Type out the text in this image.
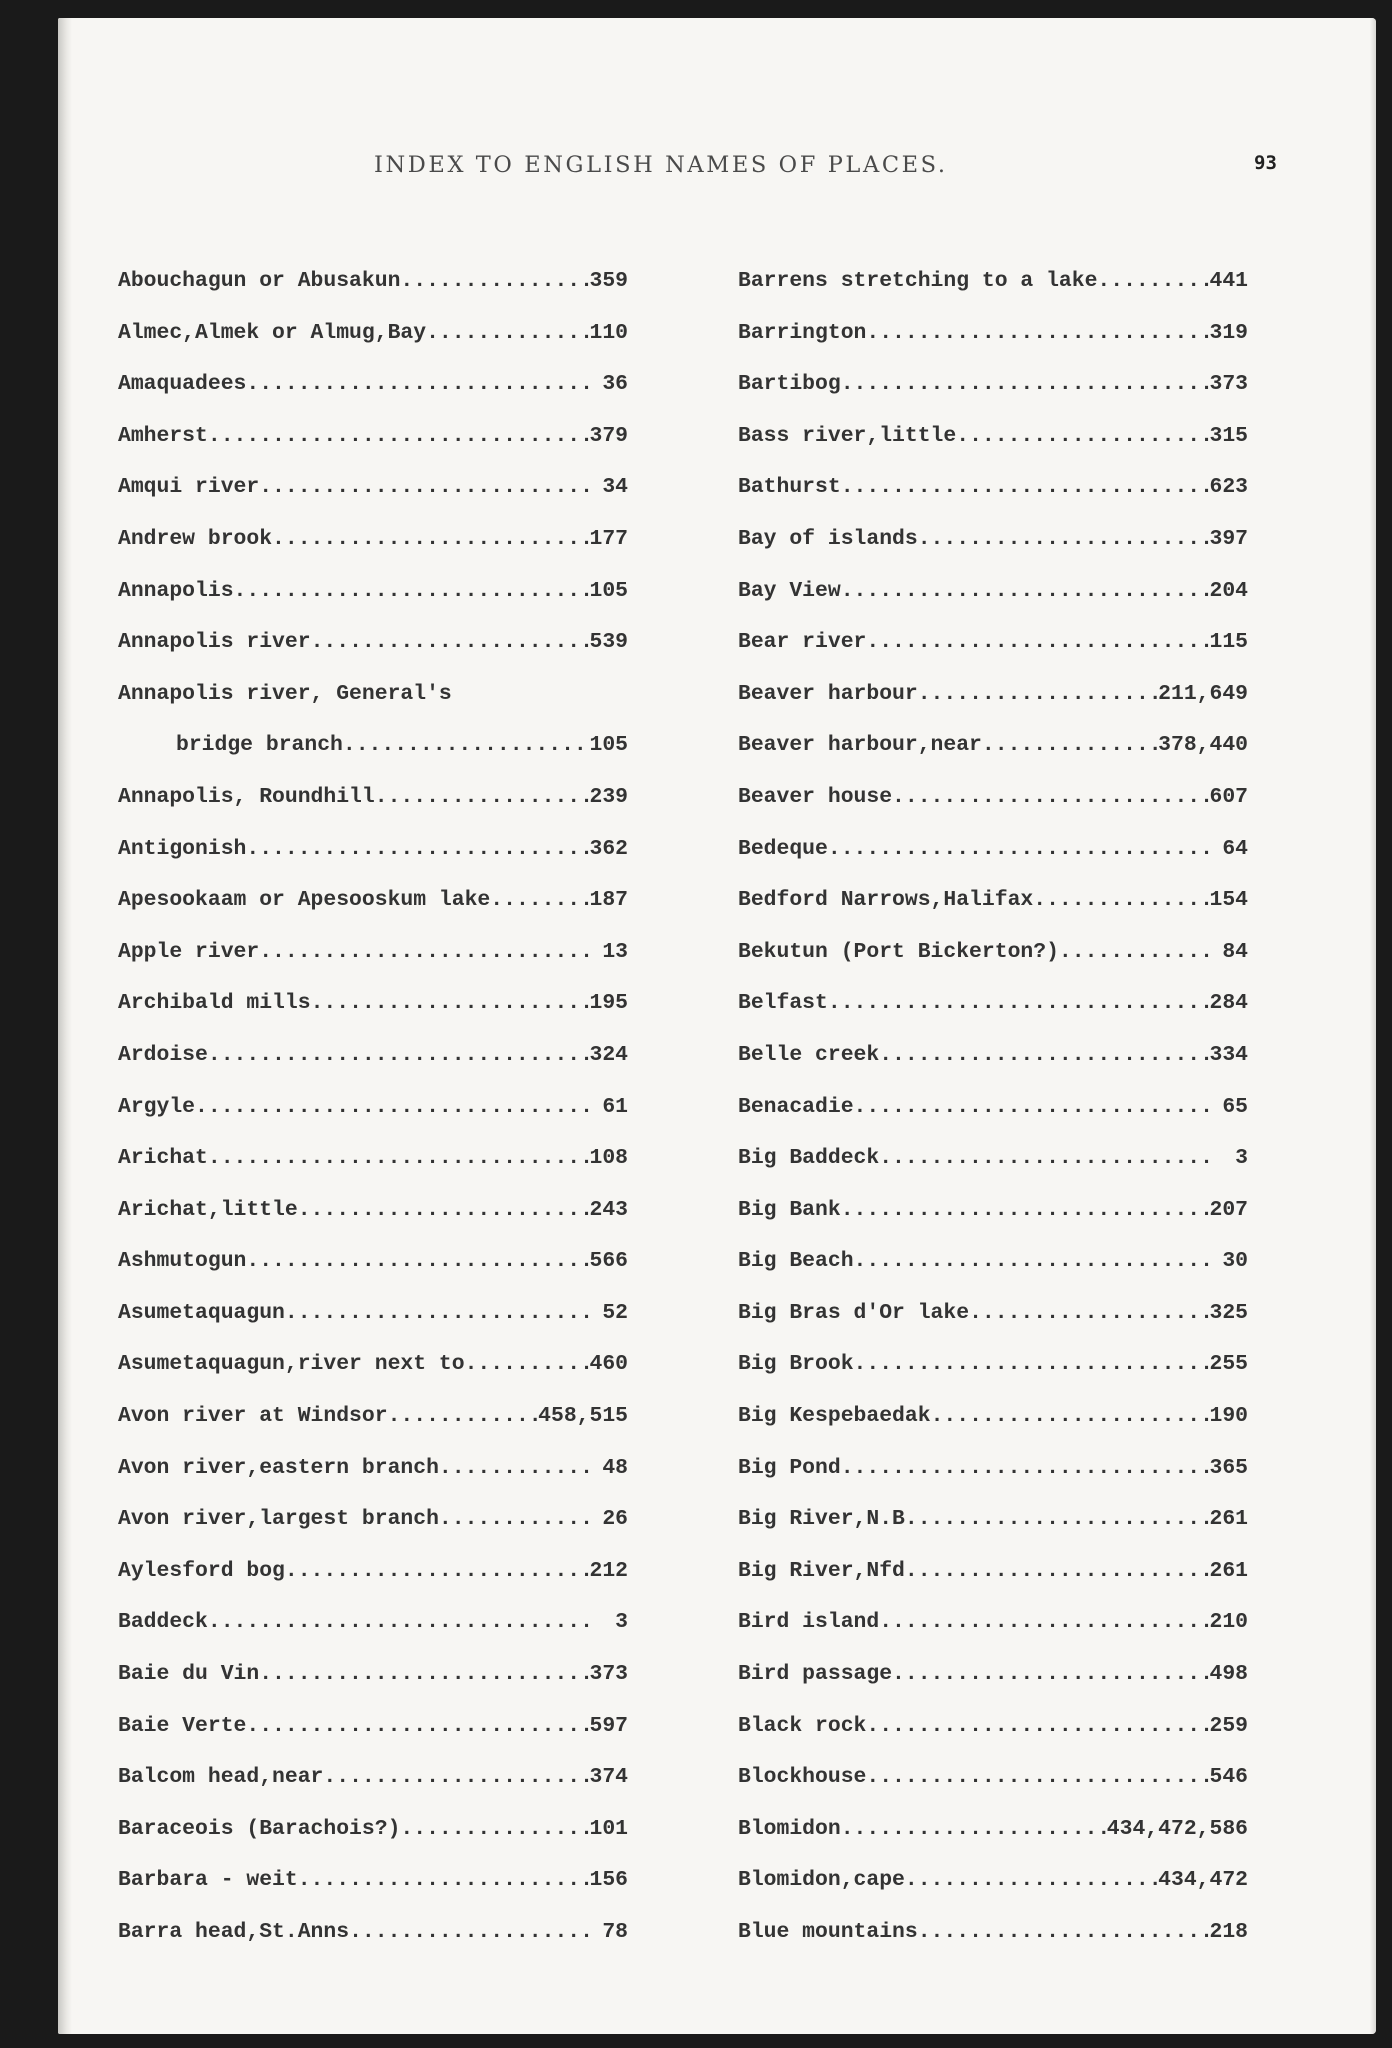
INDEX TO ENGLISH NAMES OF PLACES.	93
Abouchagun or Abusakun .....	359
Almec,Almek or Almug,Bay .....	110
Amaquadees .....	36
Amherst .....	379
Amqui river .....	34
Andrew brook .....	177
Annapolis .....	105
Annapolis river .....	539
Annapolis river, General's
bridge branch .....	105
Annapolis, Roundhill .....	239
Antigonish .....	362
Apesookaam or Apesooskum lake .....	187
Apple river .....	13
Archibald mills .....	195
Ardoise .....	324
Argyle .....	61
Arichat .....	108
Arichat,little .....	243
Ashmutogun .....	566
Asumetaquagun .....	52
Asumetaquagun,river next to .....	460
Avon river at Windsor .....	458,515
Avon river,eastern branch .....	48
Avon river,largest branch .....	26
Aylesford bog .....	212
Baddeck .....	3
Baie du Vin .....	373
Baie Verte .....	597
Balcom head,near .....	374
Baraceois (Barachois?) .....	101
Barbara - weit .....	156
Barra head,St.Anns .....	78
Barrens stretching to a lake .....	441
Barrington .....	319
Bartibog .....	373
Bass river,little .....	315
Bathurst .....	623
Bay of islands .....	397
Bay View .....	204
Bear river .....	115
Beaver harbour .....	211,649
Beaver harbour,near .....	378,440
Beaver house .....	607
Bedeque .....	64
Bedford Narrows,Halifax .....	154
Bekutun (Port Bickerton?) .....	84
Belfast .....	284
Belle creek .....	334
Benacadie .....	65
Big Baddeck .....	3
Big Bank .....	207
Big Beach .....	30
Big Bras d'Or lake .....	325
Big Brook .....	255
Big Kespebaedak .....	190
Big Pond .....	365
Big River,N.B .....	261
Big River,Nfd .....	261
Bird island .....	210
Bird passage .....	498
Black rock .....	259
Blockhouse .....	546
Blomidon .....	434,472,586
Blomidon,cape .....	434,472
Blue mountains .....	218
